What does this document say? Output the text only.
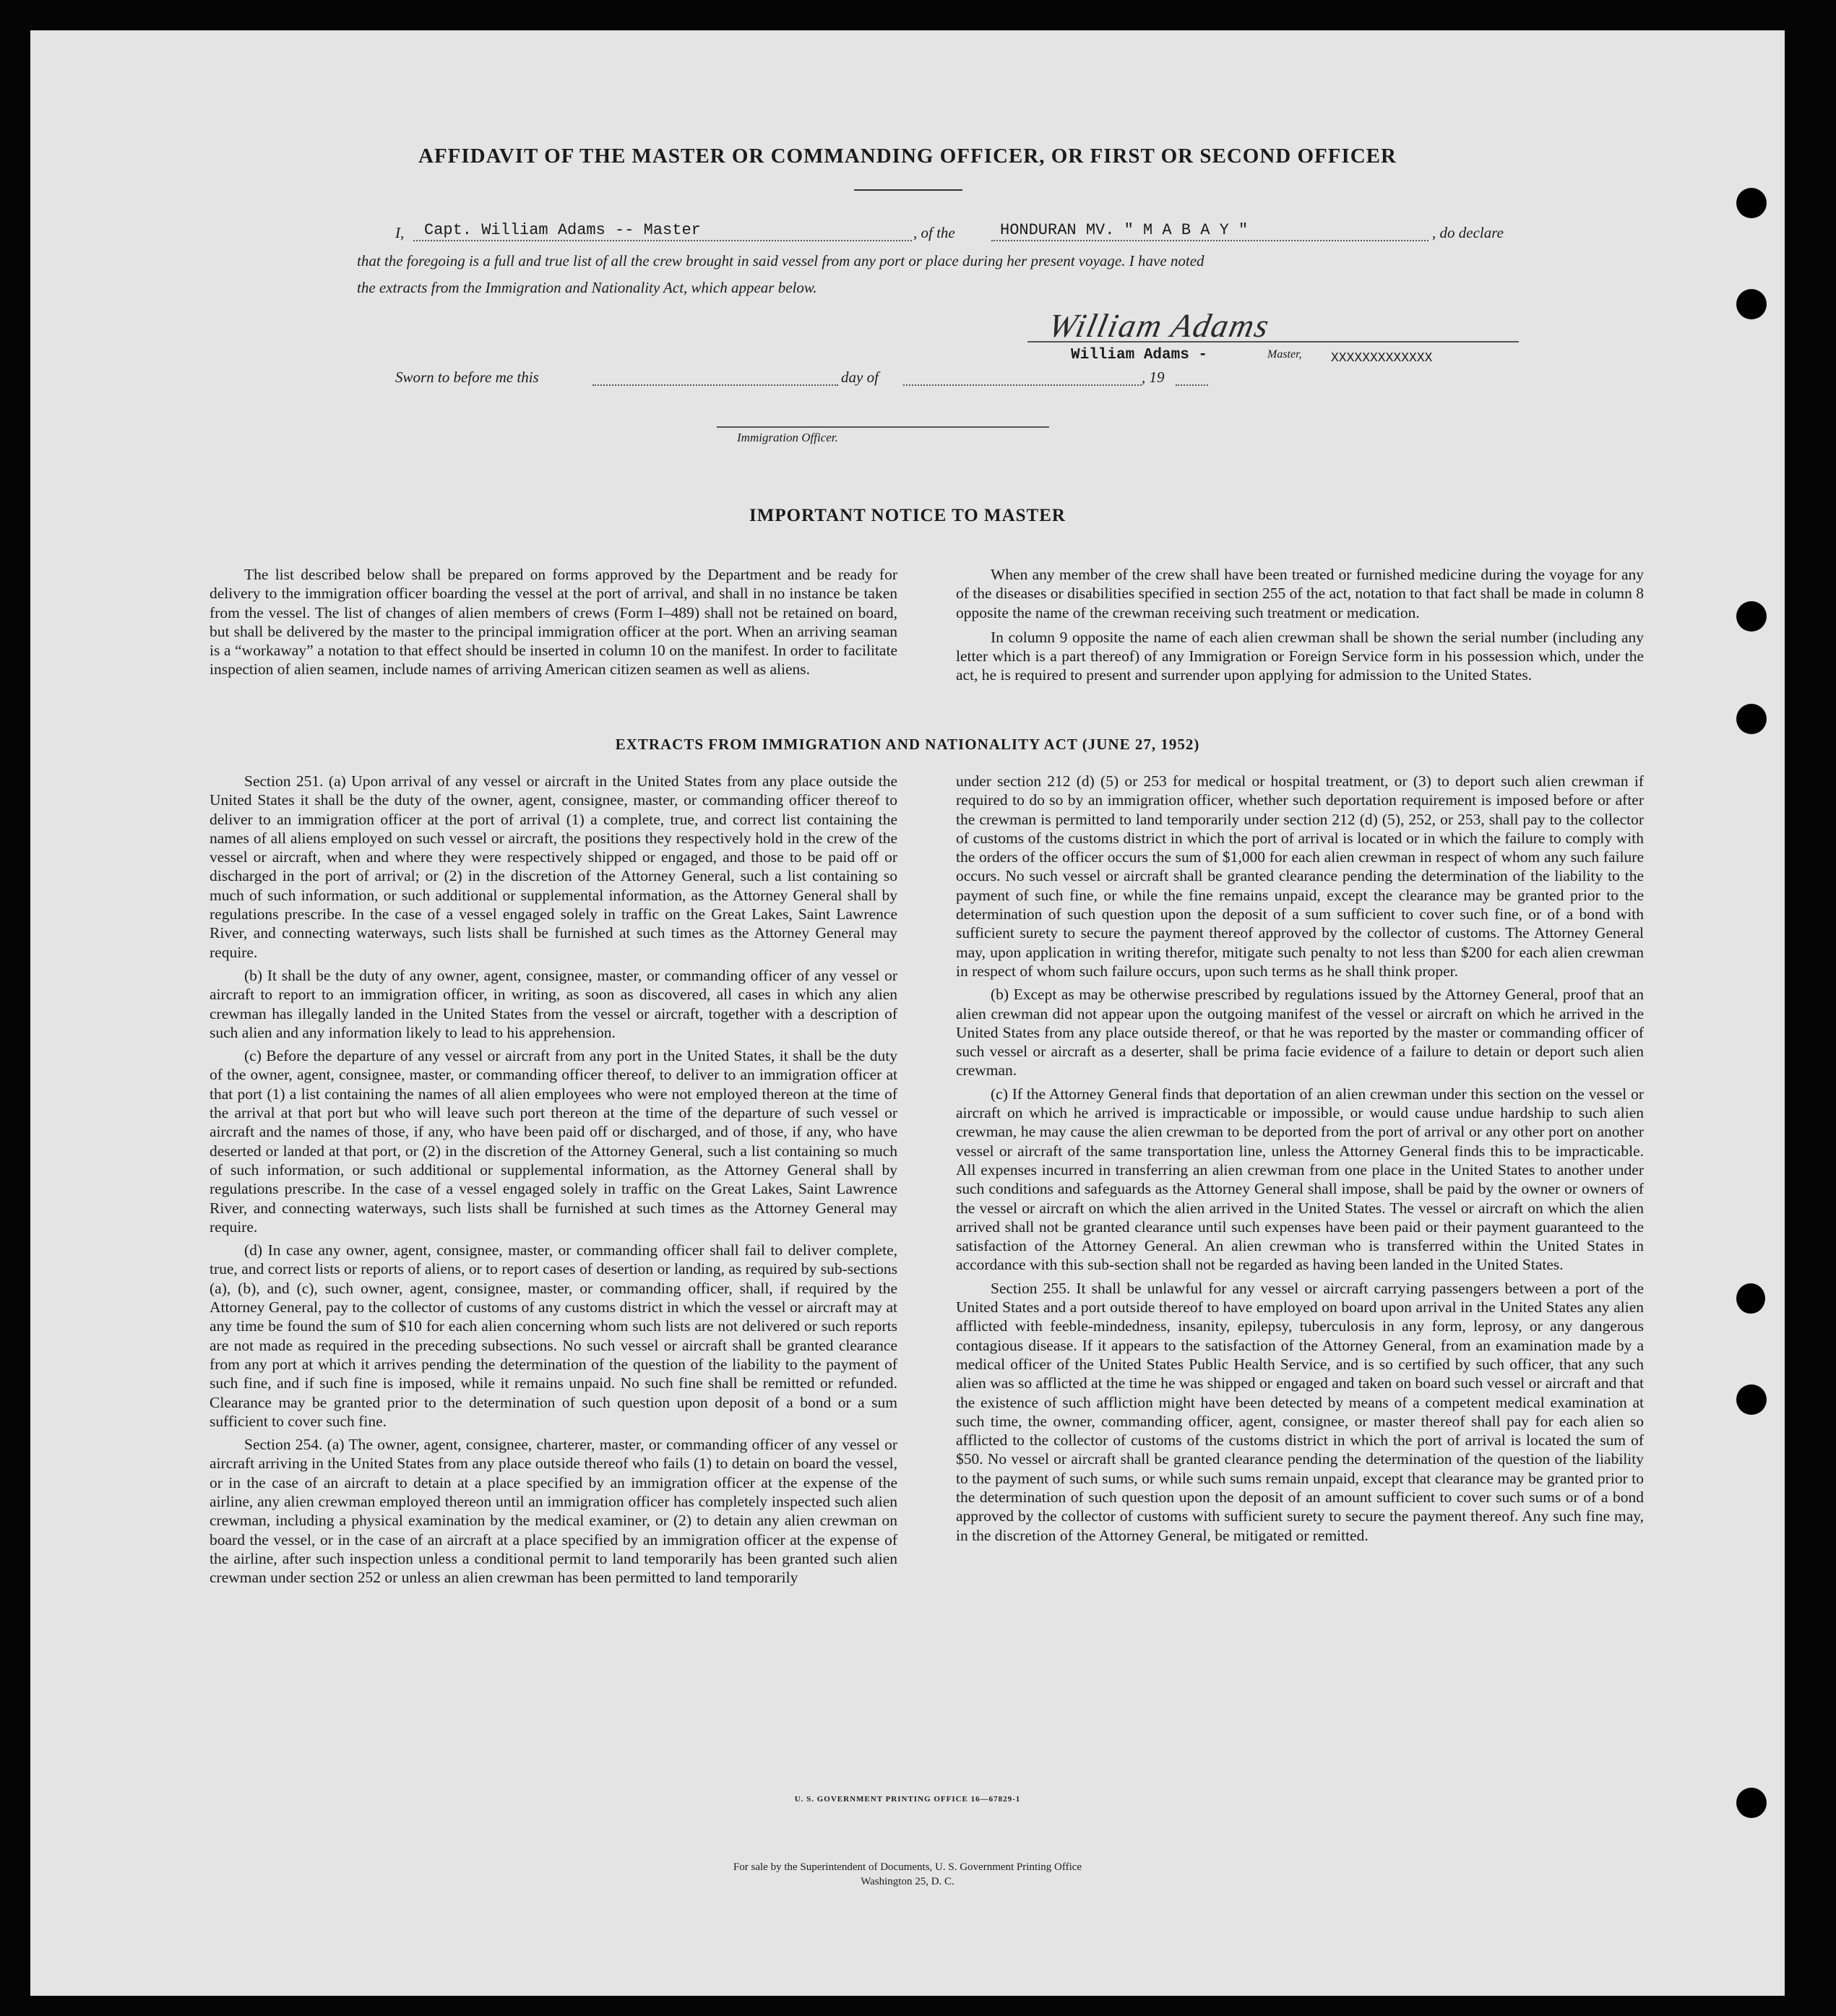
AFFIDAVIT OF THE MASTER OR COMMANDING OFFICER, OR FIRST OR SECOND OFFICER
I, Capt. William Adams -- Master	, of the	HONDURAN MV. " M A B A Y "	, do declare
that the foregoing is a full and true list of all the crew brought in said vessel from any port or place during her present voyage. I have noted
the extracts from the Immigration and Nationality Act, which appear below.
William Adams
William Adams -	Master, XXXXXXXXXXXXX
Sworn to before me this	day of	, 19
Immigration Officer.
IMPORTANT NOTICE TO MASTER

The list described below shall be prepared on forms approved by the Department and be ready for delivery to the immigration officer boarding the vessel at the port of arrival, and shall in no instance be taken from the vessel. The list of changes of alien members of crews (Form I–489) shall not be retained on board, but shall be delivered by the master to the principal immigration officer at the port. When an arriving seaman is a “workaway” a notation to that effect should be inserted in column 10 on the manifest. In order to facilitate inspection of alien seamen, include names of arriving American citizen seamen as well as aliens.

When any member of the crew shall have been treated or furnished medicine during the voyage for any of the diseases or disabilities specified in section 255 of the act, notation to that fact shall be made in column 8 opposite the name of the crewman receiving such treatment or medication.

In column 9 opposite the name of each alien crewman shall be shown the serial number (including any letter which is a part thereof) of any Immigration or Foreign Service form in his possession which, under the act, he is required to present and surrender upon applying for admission to the United States.

EXTRACTS FROM IMMIGRATION AND NATIONALITY ACT (JUNE 27, 1952)

Section 251. (a) Upon arrival of any vessel or aircraft in the United States from any place outside the United States it shall be the duty of the owner, agent, consignee, master, or commanding officer thereof to deliver to an immigration officer at the port of arrival (1) a complete, true, and correct list containing the names of all aliens employed on such vessel or aircraft, the positions they respectively hold in the crew of the vessel or aircraft, when and where they were respectively shipped or engaged, and those to be paid off or discharged in the port of arrival; or (2) in the discretion of the Attorney General, such a list containing so much of such information, or such additional or supplemental information, as the Attorney General shall by regulations prescribe. In the case of a vessel engaged solely in traffic on the Great Lakes, Saint Lawrence River, and connecting waterways, such lists shall be furnished at such times as the Attorney General may require.

(b) It shall be the duty of any owner, agent, consignee, master, or commanding officer of any vessel or aircraft to report to an immigration officer, in writing, as soon as discovered, all cases in which any alien crewman has illegally landed in the United States from the vessel or aircraft, together with a description of such alien and any information likely to lead to his apprehension.

(c) Before the departure of any vessel or aircraft from any port in the United States, it shall be the duty of the owner, agent, consignee, master, or commanding officer thereof, to deliver to an immigration officer at that port (1) a list containing the names of all alien employees who were not employed thereon at the time of the arrival at that port but who will leave such port thereon at the time of the departure of such vessel or aircraft and the names of those, if any, who have been paid off or discharged, and of those, if any, who have deserted or landed at that port, or (2) in the discretion of the Attorney General, such a list containing so much of such information, or such additional or supplemental information, as the Attorney General shall by regulations prescribe. In the case of a vessel engaged solely in traffic on the Great Lakes, Saint Lawrence River, and connecting waterways, such lists shall be furnished at such times as the Attorney General may require.

(d) In case any owner, agent, consignee, master, or commanding officer shall fail to deliver complete, true, and correct lists or reports of aliens, or to report cases of desertion or landing, as required by sub-sections (a), (b), and (c), such owner, agent, consignee, master, or commanding officer, shall, if required by the Attorney General, pay to the collector of customs of any customs district in which the vessel or aircraft may at any time be found the sum of $10 for each alien concerning whom such lists are not delivered or such reports are not made as required in the preceding subsections. No such vessel or aircraft shall be granted clearance from any port at which it arrives pending the determination of the question of the liability to the payment of such fine, and if such fine is imposed, while it remains unpaid. No such fine shall be remitted or refunded. Clearance may be granted prior to the determination of such question upon deposit of a bond or a sum sufficient to cover such fine.

Section 254. (a) The owner, agent, consignee, charterer, master, or commanding officer of any vessel or aircraft arriving in the United States from any place outside thereof who fails (1) to detain on board the vessel, or in the case of an aircraft to detain at a place specified by an immigration officer at the expense of the airline, any alien crewman employed thereon until an immigration officer has completely inspected such alien crewman, including a physical examination by the medical examiner, or (2) to detain any alien crewman on board the vessel, or in the case of an aircraft at a place specified by an immigration officer at the expense of the airline, after such inspection unless a conditional permit to land temporarily has been granted such alien crewman under section 252 or unless an alien crewman has been permitted to land temporarily

under section 212 (d) (5) or 253 for medical or hospital treatment, or (3) to deport such alien crewman if required to do so by an immigration officer, whether such deportation requirement is imposed before or after the crewman is permitted to land temporarily under section 212 (d) (5), 252, or 253, shall pay to the collector of customs of the customs district in which the port of arrival is located or in which the failure to comply with the orders of the officer occurs the sum of $1,000 for each alien crewman in respect of whom any such failure occurs. No such vessel or aircraft shall be granted clearance pending the determination of the liability to the payment of such fine, or while the fine remains unpaid, except the clearance may be granted prior to the determination of such question upon the deposit of a sum sufficient to cover such fine, or of a bond with sufficient surety to secure the payment thereof approved by the collector of customs. The Attorney General may, upon application in writing therefor, mitigate such penalty to not less than $200 for each alien crewman in respect of whom such failure occurs, upon such terms as he shall think proper.

(b) Except as may be otherwise prescribed by regulations issued by the Attorney General, proof that an alien crewman did not appear upon the outgoing manifest of the vessel or aircraft on which he arrived in the United States from any place outside thereof, or that he was reported by the master or commanding officer of such vessel or aircraft as a deserter, shall be prima facie evidence of a failure to detain or deport such alien crewman.

(c) If the Attorney General finds that deportation of an alien crewman under this section on the vessel or aircraft on which he arrived is impracticable or impossible, or would cause undue hardship to such alien crewman, he may cause the alien crewman to be deported from the port of arrival or any other port on another vessel or aircraft of the same transportation line, unless the Attorney General finds this to be impracticable. All expenses incurred in transferring an alien crewman from one place in the United States to another under such conditions and safeguards as the Attorney General shall impose, shall be paid by the owner or owners of the vessel or aircraft on which the alien arrived in the United States. The vessel or aircraft on which the alien arrived shall not be granted clearance until such expenses have been paid or their payment guaranteed to the satisfaction of the Attorney General. An alien crewman who is transferred within the United States in accordance with this sub-section shall not be regarded as having been landed in the United States.

Section 255. It shall be unlawful for any vessel or aircraft carrying passengers between a port of the United States and a port outside thereof to have employed on board upon arrival in the United States any alien afflicted with feeble-mindedness, insanity, epilepsy, tuberculosis in any form, leprosy, or any dangerous contagious disease. If it appears to the satisfaction of the Attorney General, from an examination made by a medical officer of the United States Public Health Service, and is so certified by such officer, that any such alien was so afflicted at the time he was shipped or engaged and taken on board such vessel or aircraft and that the existence of such affliction might have been detected by means of a competent medical examination at such time, the owner, commanding officer, agent, consignee, or master thereof shall pay for each alien so afflicted to the collector of customs of the customs district in which the port of arrival is located the sum of $50. No vessel or aircraft shall be granted clearance pending the determination of the question of the liability to the payment of such sums, or while such sums remain unpaid, except that clearance may be granted prior to the determination of such question upon the deposit of an amount sufficient to cover such sums or of a bond approved by the collector of customs with sufficient surety to secure the payment thereof. Any such fine may, in the discretion of the Attorney General, be mitigated or remitted.

U. S. GOVERNMENT PRINTING OFFICE 16—67829-1
For sale by the Superintendent of Documents, U. S. Government Printing Office
Washington 25, D. C.
